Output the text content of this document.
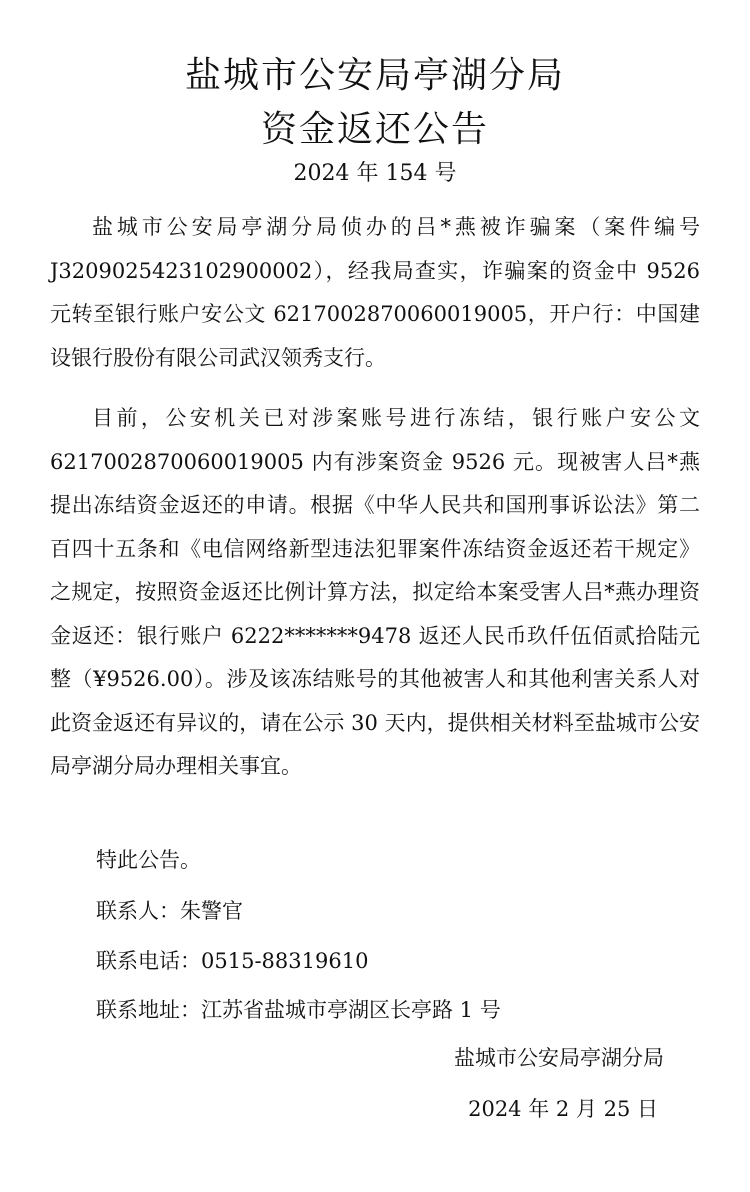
盐城市公安局亭湖分局
资金返还公告
2024 年 154 号

盐城市公安局亭湖分局侦办的吕*燕被诈骗案（案件编号J3209025423102900002），经我局查实，诈骗案的资金中 9526 元转至银行账户安公文 6217002870060019005，开户行：中国建设银行股份有限公司武汉领秀支行。

目前，公安机关已对涉案账号进行冻结，银行账户安公文6217002870060019005 内有涉案资金 9526 元。现被害人吕*燕提出冻结资金返还的申请。根据《中华人民共和国刑事诉讼法》第二百四十五条和《电信网络新型违法犯罪案件冻结资金返还若干规定》之规定，按照资金返还比例计算方法，拟定给本案受害人吕*燕办理资金返还：银行账户 6222*******9478 返还人民币玖仟伍佰贰拾陆元整（¥9526.00）。涉及该冻结账号的其他被害人和其他利害关系人对此资金返还有异议的，请在公示 30 天内，提供相关材料至盐城市公安局亭湖分局办理相关事宜。

特此公告。
联系人：朱警官
联系电话：0515-88319610
联系地址：江苏省盐城市亭湖区长亭路 1 号
盐城市公安局亭湖分局
2024 年 2 月 25 日
